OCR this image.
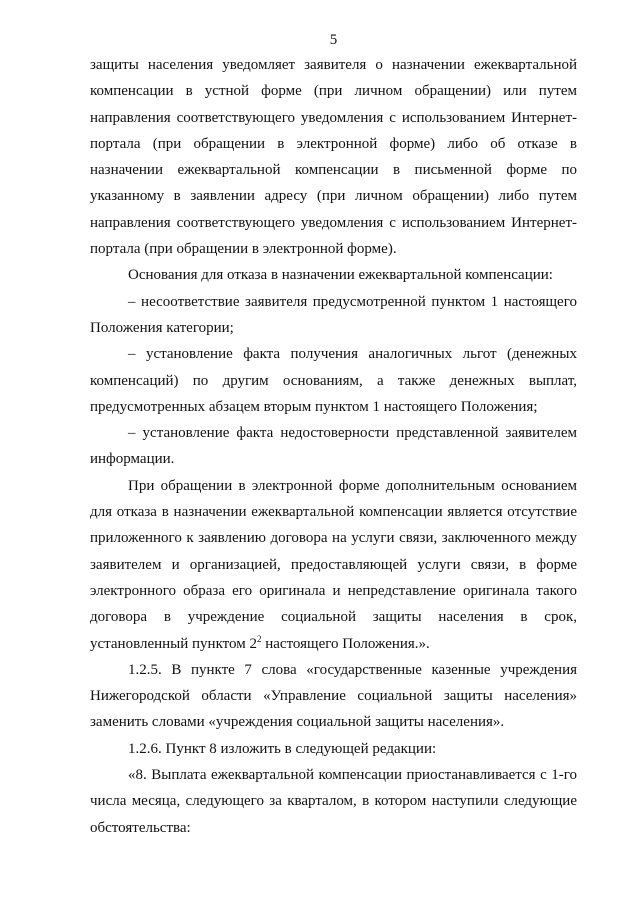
5

защиты населения уведомляет заявителя о назначении ежеквартальной компенсации в устной форме (при личном обращении) или путем направления соответствующего уведомления с использованием Интернет-портала (при обращении в электронной форме) либо об отказе в назначении ежеквартальной компенсации в письменной форме по указанному в заявлении адресу (при личном обращении) либо путем направления соответствующего уведомления с использованием Интернет-портала (при обращении в электронной форме).

Основания для отказа в назначении ежеквартальной компенсации:

– несоответствие заявителя предусмотренной пунктом 1 настоящего Положения категории;

– установление факта получения аналогичных льгот (денежных компенсаций) по другим основаниям, а также денежных выплат, предусмотренных абзацем вторым пунктом 1 настоящего Положения;

– установление факта недостоверности представленной заявителем информации.

При обращении в электронной форме дополнительным основанием для отказа в назначении ежеквартальной компенсации является отсутствие приложенного к заявлению договора на услуги связи, заключенного между заявителем и организацией, предоставляющей услуги связи, в форме электронного образа его оригинала и непредставление оригинала такого договора в учреждение социальной защиты населения в срок, установленный пунктом $2^2$ настоящего Положения.».

1.2.5. В пункте 7 слова «государственные казенные учреждения Нижегородской области «Управление социальной защиты населения» заменить словами «учреждения социальной защиты населения».

1.2.6. Пункт 8 изложить в следующей редакции:

«8. Выплата ежеквартальной компенсации приостанавливается с 1-го числа месяца, следующего за кварталом, в котором наступили следующие обстоятельства:
